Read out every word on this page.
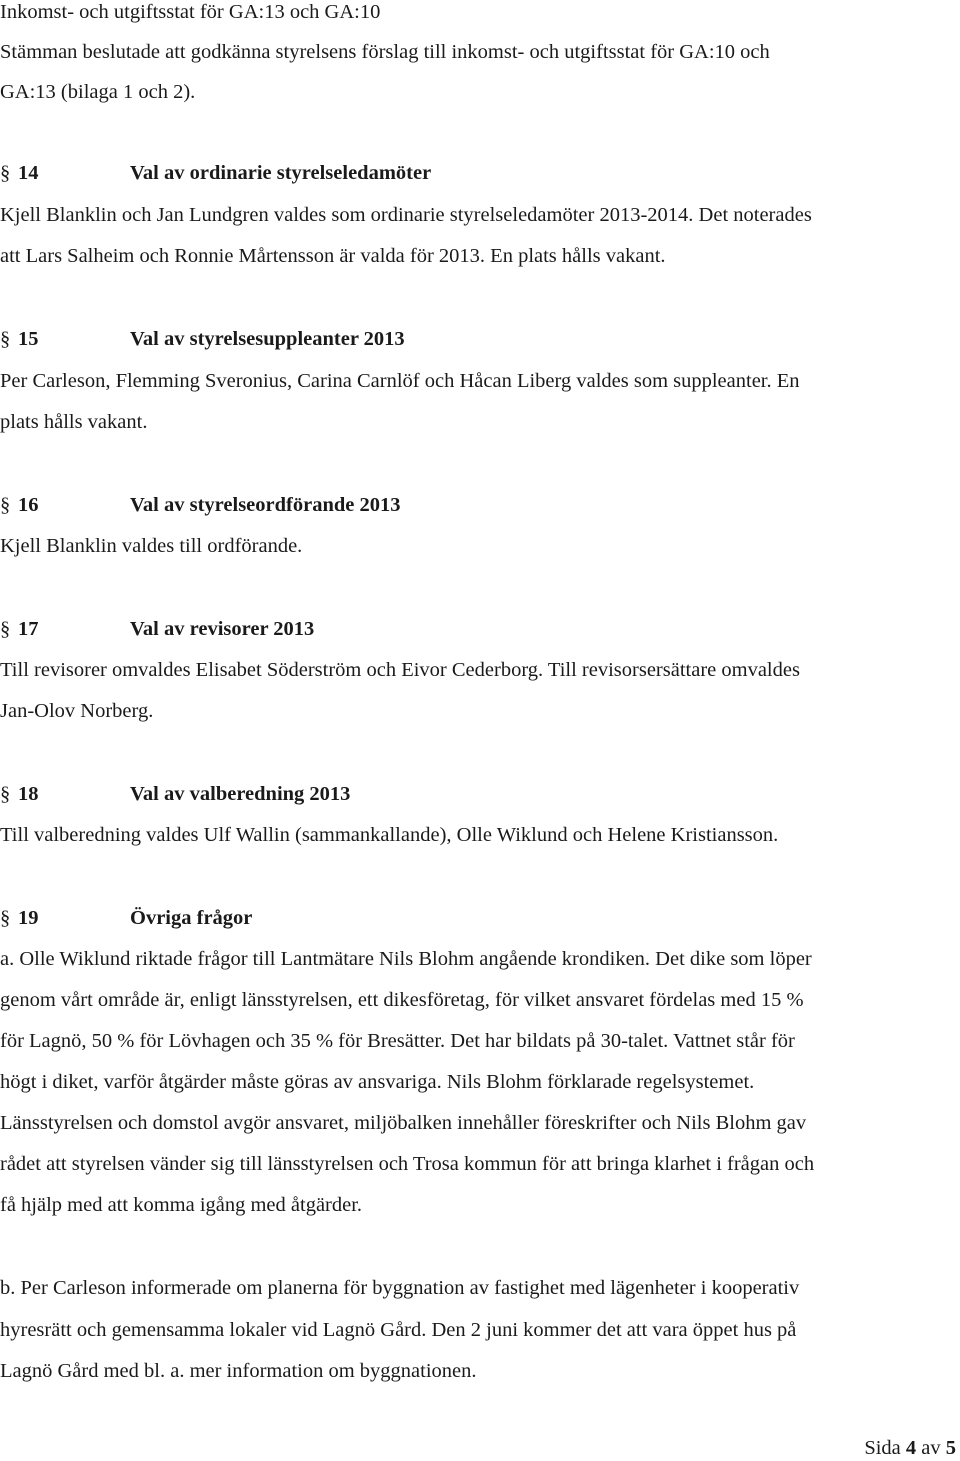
Inkomst- och utgiftsstat för GA:13 och GA:10
Stämman beslutade att godkänna styrelsens förslag till inkomst- och utgiftsstat för GA:10 och
GA:13 (bilaga 1 och 2).
§ 14	Val av ordinarie styrelseledamöter
Kjell Blanklin och Jan Lundgren valdes som ordinarie styrelseledamöter 2013-2014. Det noterades
att Lars Salheim och Ronnie Mårtensson är valda för 2013. En plats hålls vakant.
§ 15	Val av styrelsesuppleanter 2013
Per Carleson, Flemming Sveronius, Carina Carnlöf och Håcan Liberg valdes som suppleanter. En
plats hålls vakant.
§ 16	Val av styrelseordförande 2013
Kjell Blanklin valdes till ordförande.
§ 17	Val av revisorer 2013
Till revisorer omvaldes Elisabet Söderström och Eivor Cederborg. Till revisorsersättare omvaldes
Jan-Olov Norberg.
§ 18	Val av valberedning 2013
Till valberedning valdes Ulf Wallin (sammankallande), Olle Wiklund och Helene Kristiansson.
§ 19	Övriga frågor
a. Olle Wiklund riktade frågor till Lantmätare Nils Blohm angående krondiken. Det dike som löper
genom vårt område är, enligt länsstyrelsen, ett dikesföretag, för vilket ansvaret fördelas med 15 %
för Lagnö, 50 % för Lövhagen och 35 % för Bresätter. Det har bildats på 30-talet. Vattnet står för
högt i diket, varför åtgärder måste göras av ansvariga. Nils Blohm förklarade regelsystemet.
Länsstyrelsen och domstol avgör ansvaret, miljöbalken innehåller föreskrifter och Nils Blohm gav
rådet att styrelsen vänder sig till länsstyrelsen och Trosa kommun för att bringa klarhet i frågan och
få hjälp med att komma igång med åtgärder.
b. Per Carleson informerade om planerna för byggnation av fastighet med lägenheter i kooperativ
hyresrätt och gemensamma lokaler vid Lagnö Gård. Den 2 juni kommer det att vara öppet hus på
Lagnö Gård med bl. a. mer information om byggnationen.
Sida 4 av 5
